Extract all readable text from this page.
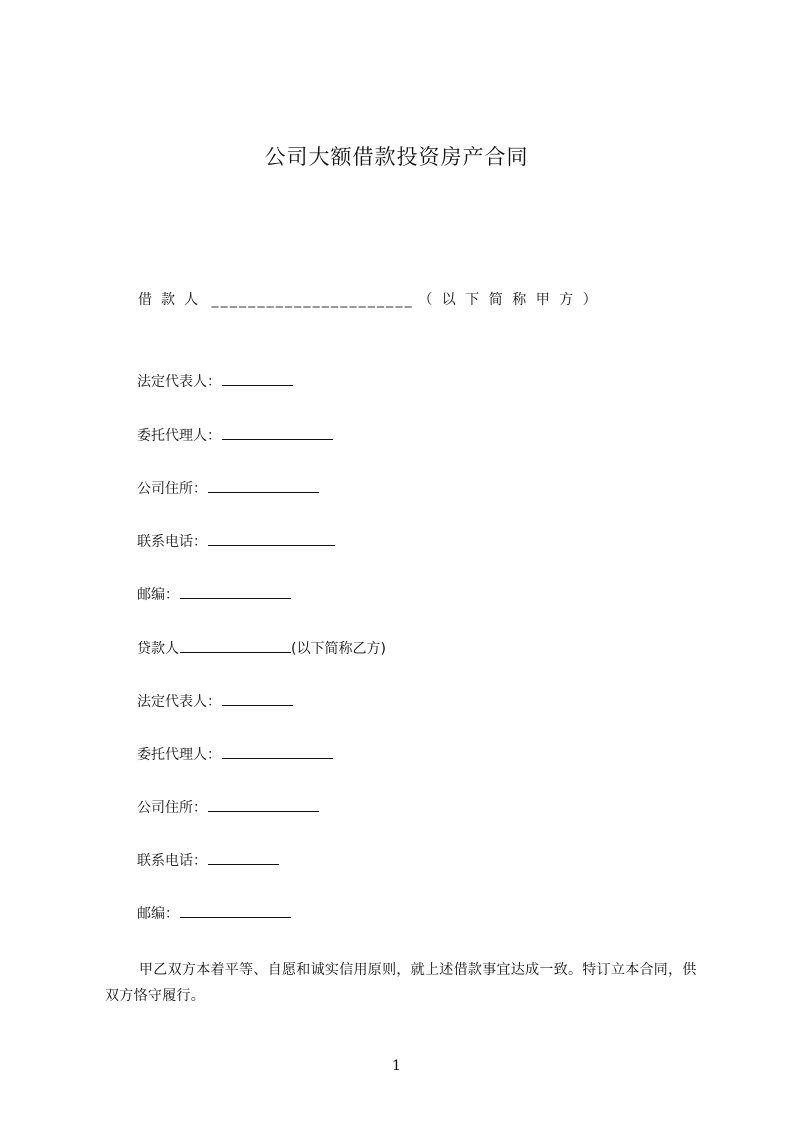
公司大额借款投资房产合同
借款人 ______________________ （以下简称甲方）
法定代表人：
委托代理人：
公司住所：
联系电话：
邮编：
贷款人	(以下简称乙方)
法定代表人：
委托代理人：
公司住所：
联系电话：
邮编：
甲乙双方本着平等、自愿和诚实信用原则，就上述借款事宜达成一致。特订立本合同，供双方恪守履行。
1
